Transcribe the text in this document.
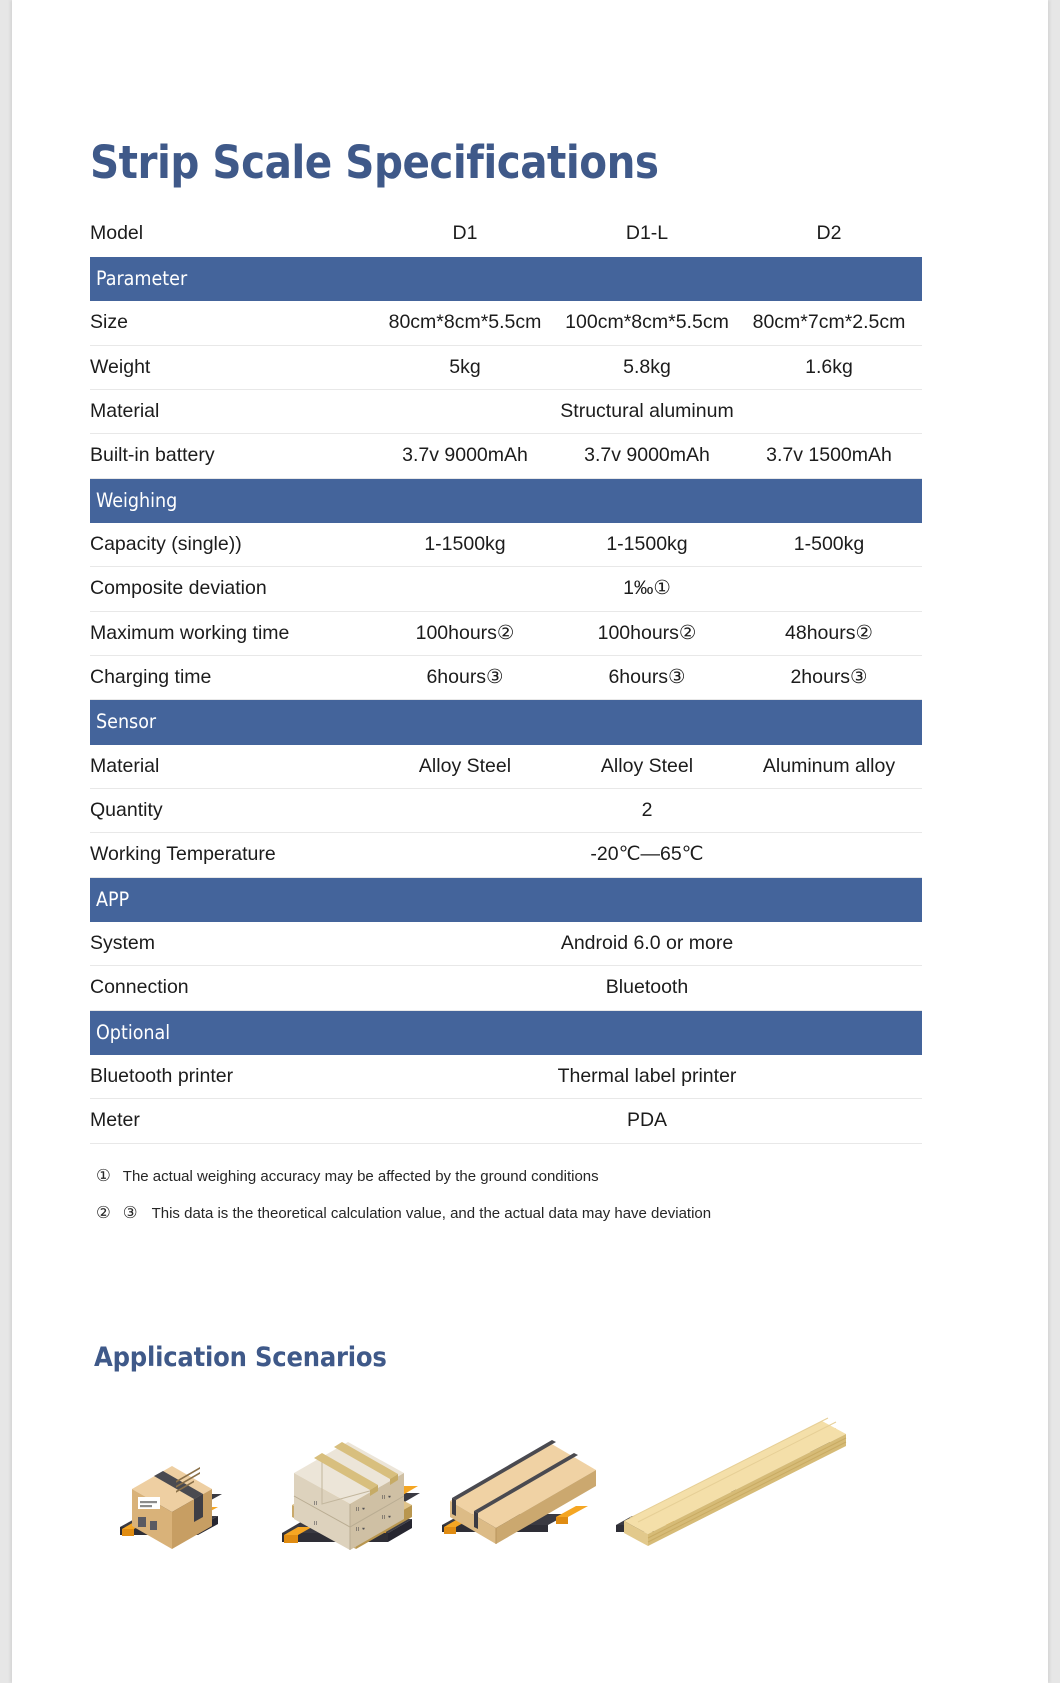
Strip Scale Specifications
Model	D1	D1-L	D2
Parameter			
Size	80cm*8cm*5.5cm	100cm*8cm*5.5cm	80cm*7cm*2.5cm
Weight	5kg	5.8kg	1.6kg
Material	Structural aluminum		
Built-in battery	3.7v 9000mAh	3.7v 9000mAh	3.7v 1500mAh
Weighing			
Capacity (single))	1-1500kg	1-1500kg	1-500kg
Composite deviation	1‰①		
Maximum working time	100hours②	100hours②	48hours②
Charging time	6hours③	6hours③	2hours③
Sensor			
Material	Alloy Steel	Alloy Steel	Aluminum alloy
Quantity	2		
Working Temperature	-20℃—65℃		
APP			
System	Android 6.0 or more		
Connection	Bluetooth		
Optional			
Bluetooth printer	Thermal label printer		
Meter	PDA		
① The actual weighing accuracy may be affected by the ground conditions
② ③ This data is the theoretical calculation value, and the actual data may have deviation
Application Scenarios
II ⚹
II ⚹
II ⚹
II ⚹
II
II
